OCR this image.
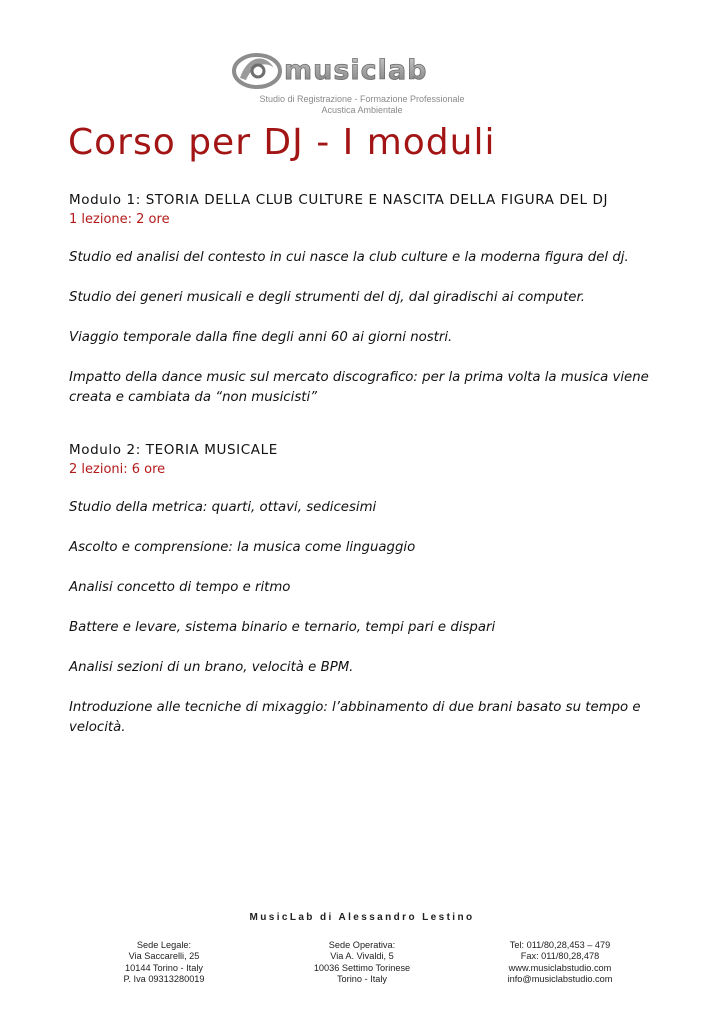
musiclab
Studio di Registrazione - Formazione Professionale
Acustica Ambientale
Corso per DJ - I moduli

Modulo 1: STORIA DELLA CLUB CULTURE E NASCITA DELLA FIGURA DEL DJ

1 lezione: 2 ore

Studio ed analisi del contesto in cui nasce la club culture e la moderna figura del dj.

Studio dei generi musicali e degli strumenti del dj, dal giradischi ai computer.

Viaggio temporale dalla fine degli anni 60 ai giorni nostri.

Impatto della dance music sul mercato discografico: per la prima volta la musica viene creata e cambiata da “non musicisti”

Modulo 2: TEORIA MUSICALE

2 lezioni: 6 ore

Studio della metrica: quarti, ottavi, sedicesimi

Ascolto e comprensione: la musica come linguaggio

Analisi concetto di tempo e ritmo

Battere e levare, sistema binario e ternario, tempi pari e dispari

Analisi sezioni di un brano, velocità e BPM.

Introduzione alle tecniche di mixaggio: l’abbinamento di due brani basato su tempo e velocità.

MusicLab di Alessandro Lestino
Sede Legale:
Via Saccarelli, 25
10144 Torino - Italy
P. Iva 09313280019
Sede Operativa:
Via A. Vivaldi, 5
10036 Settimo Torinese
Torino - Italy
Tel: 011/80,28,453 – 479
Fax: 011/80,28,478
www.musiclabstudio.com
info@musiclabstudio.com
